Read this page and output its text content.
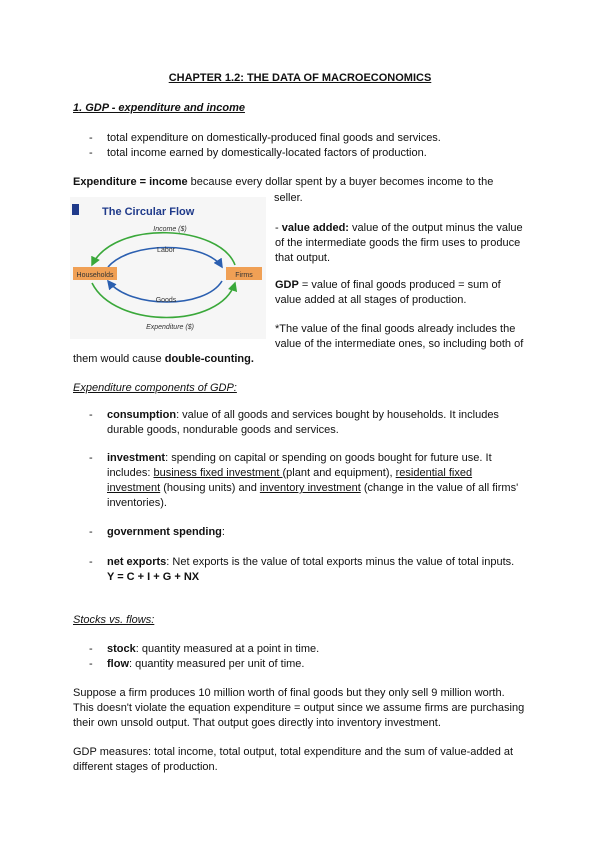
CHAPTER 1.2: THE DATA OF MACROECONOMICS
1. GDP - expenditure and income
-
total expenditure on domestically-produced final goods and services.
-
total income earned by domestically-located factors of production.
Expenditure = income because every dollar spent by a buyer becomes income to the
seller.
The Circular Flow
Households	Firms
Income ($)
Labor
Goods
Expenditure ($)
- value added: value of the output minus the value
of the intermediate goods the firm uses to produce
that output.
GDP = value of final goods produced = sum of
value added at all stages of production.
*The value of the final goods already includes the
value of the intermediate ones, so including both of
them would cause double-counting.
Expenditure components of GDP:
-
consumption: value of all goods and services bought by households. It includes
durable goods, nondurable goods and services.
-
investment: spending on capital or spending on goods bought for future use. It
includes: business fixed investment (plant and equipment), residential fixed
investment (housing units) and inventory investment (change in the value of all firms'
inventories).
-
government spending:
-
net exports: Net exports is the value of total exports minus the value of total inputs.
Y = C + I + G + NX
Stocks vs. flows:
-
stock: quantity measured at a point in time.
-
flow: quantity measured per unit of time.
Suppose a firm produces 10 million worth of final goods but they only sell 9 million worth.
This doesn't violate the equation expenditure = output since we assume firms are purchasing
their own unsold output. That output goes directly into inventory investment.
GDP measures: total income, total output, total expenditure and the sum of value-added at
different stages of production.
